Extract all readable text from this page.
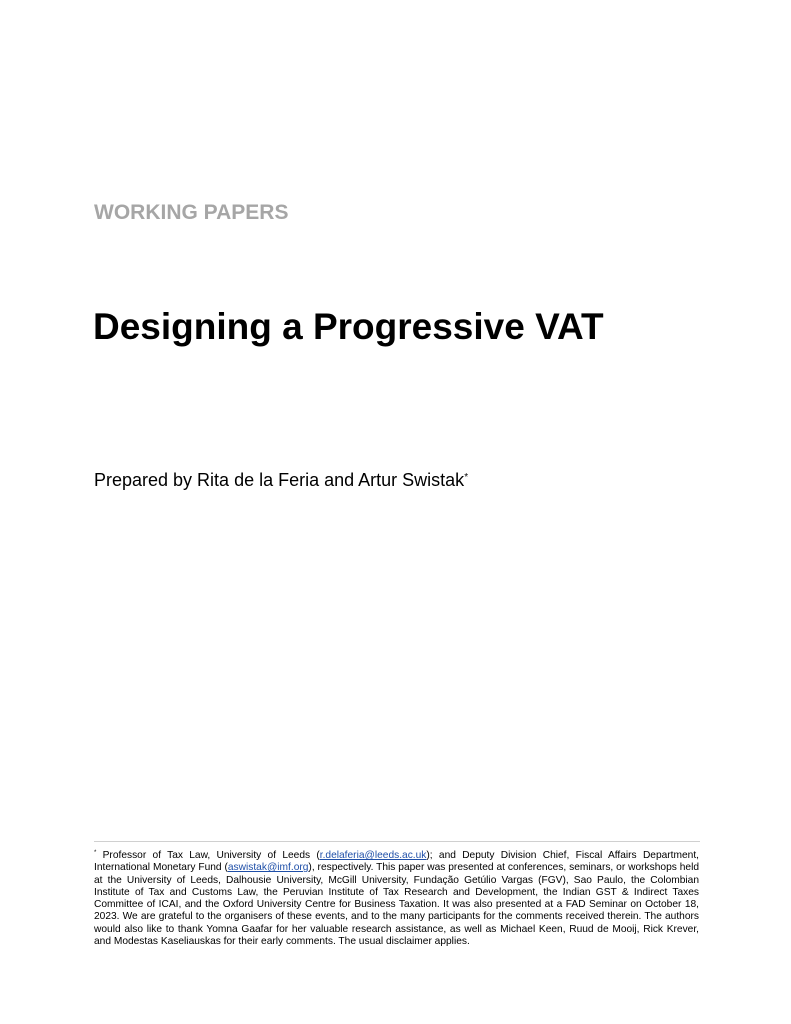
WORKING PAPERS
Designing a Progressive VAT
Prepared by Rita de la Feria and Artur Swistak*
* Professor of Tax Law, University of Leeds (r.delaferia@leeds.ac.uk); and Deputy Division Chief, Fiscal Affairs Department, International Monetary Fund (aswistak@imf.org), respectively. This paper was presented at conferences, seminars, or workshops held at the University of Leeds, Dalhousie University, McGill University, Fundação Getúlio Vargas (FGV), Sao Paulo, the Colombian Institute of Tax and Customs Law, the Peruvian Institute of Tax Research and Development, the Indian GST & Indirect Taxes Committee of ICAI, and the Oxford University Centre for Business Taxation. It was also presented at a FAD Seminar on October 18, 2023. We are grateful to the organisers of these events, and to the many participants for the comments received therein. The authors would also like to thank Yomna Gaafar for her valuable research assistance, as well as Michael Keen, Ruud de Mooij, Rick Krever, and Modestas Kaseliauskas for their early comments. The usual disclaimer applies.
